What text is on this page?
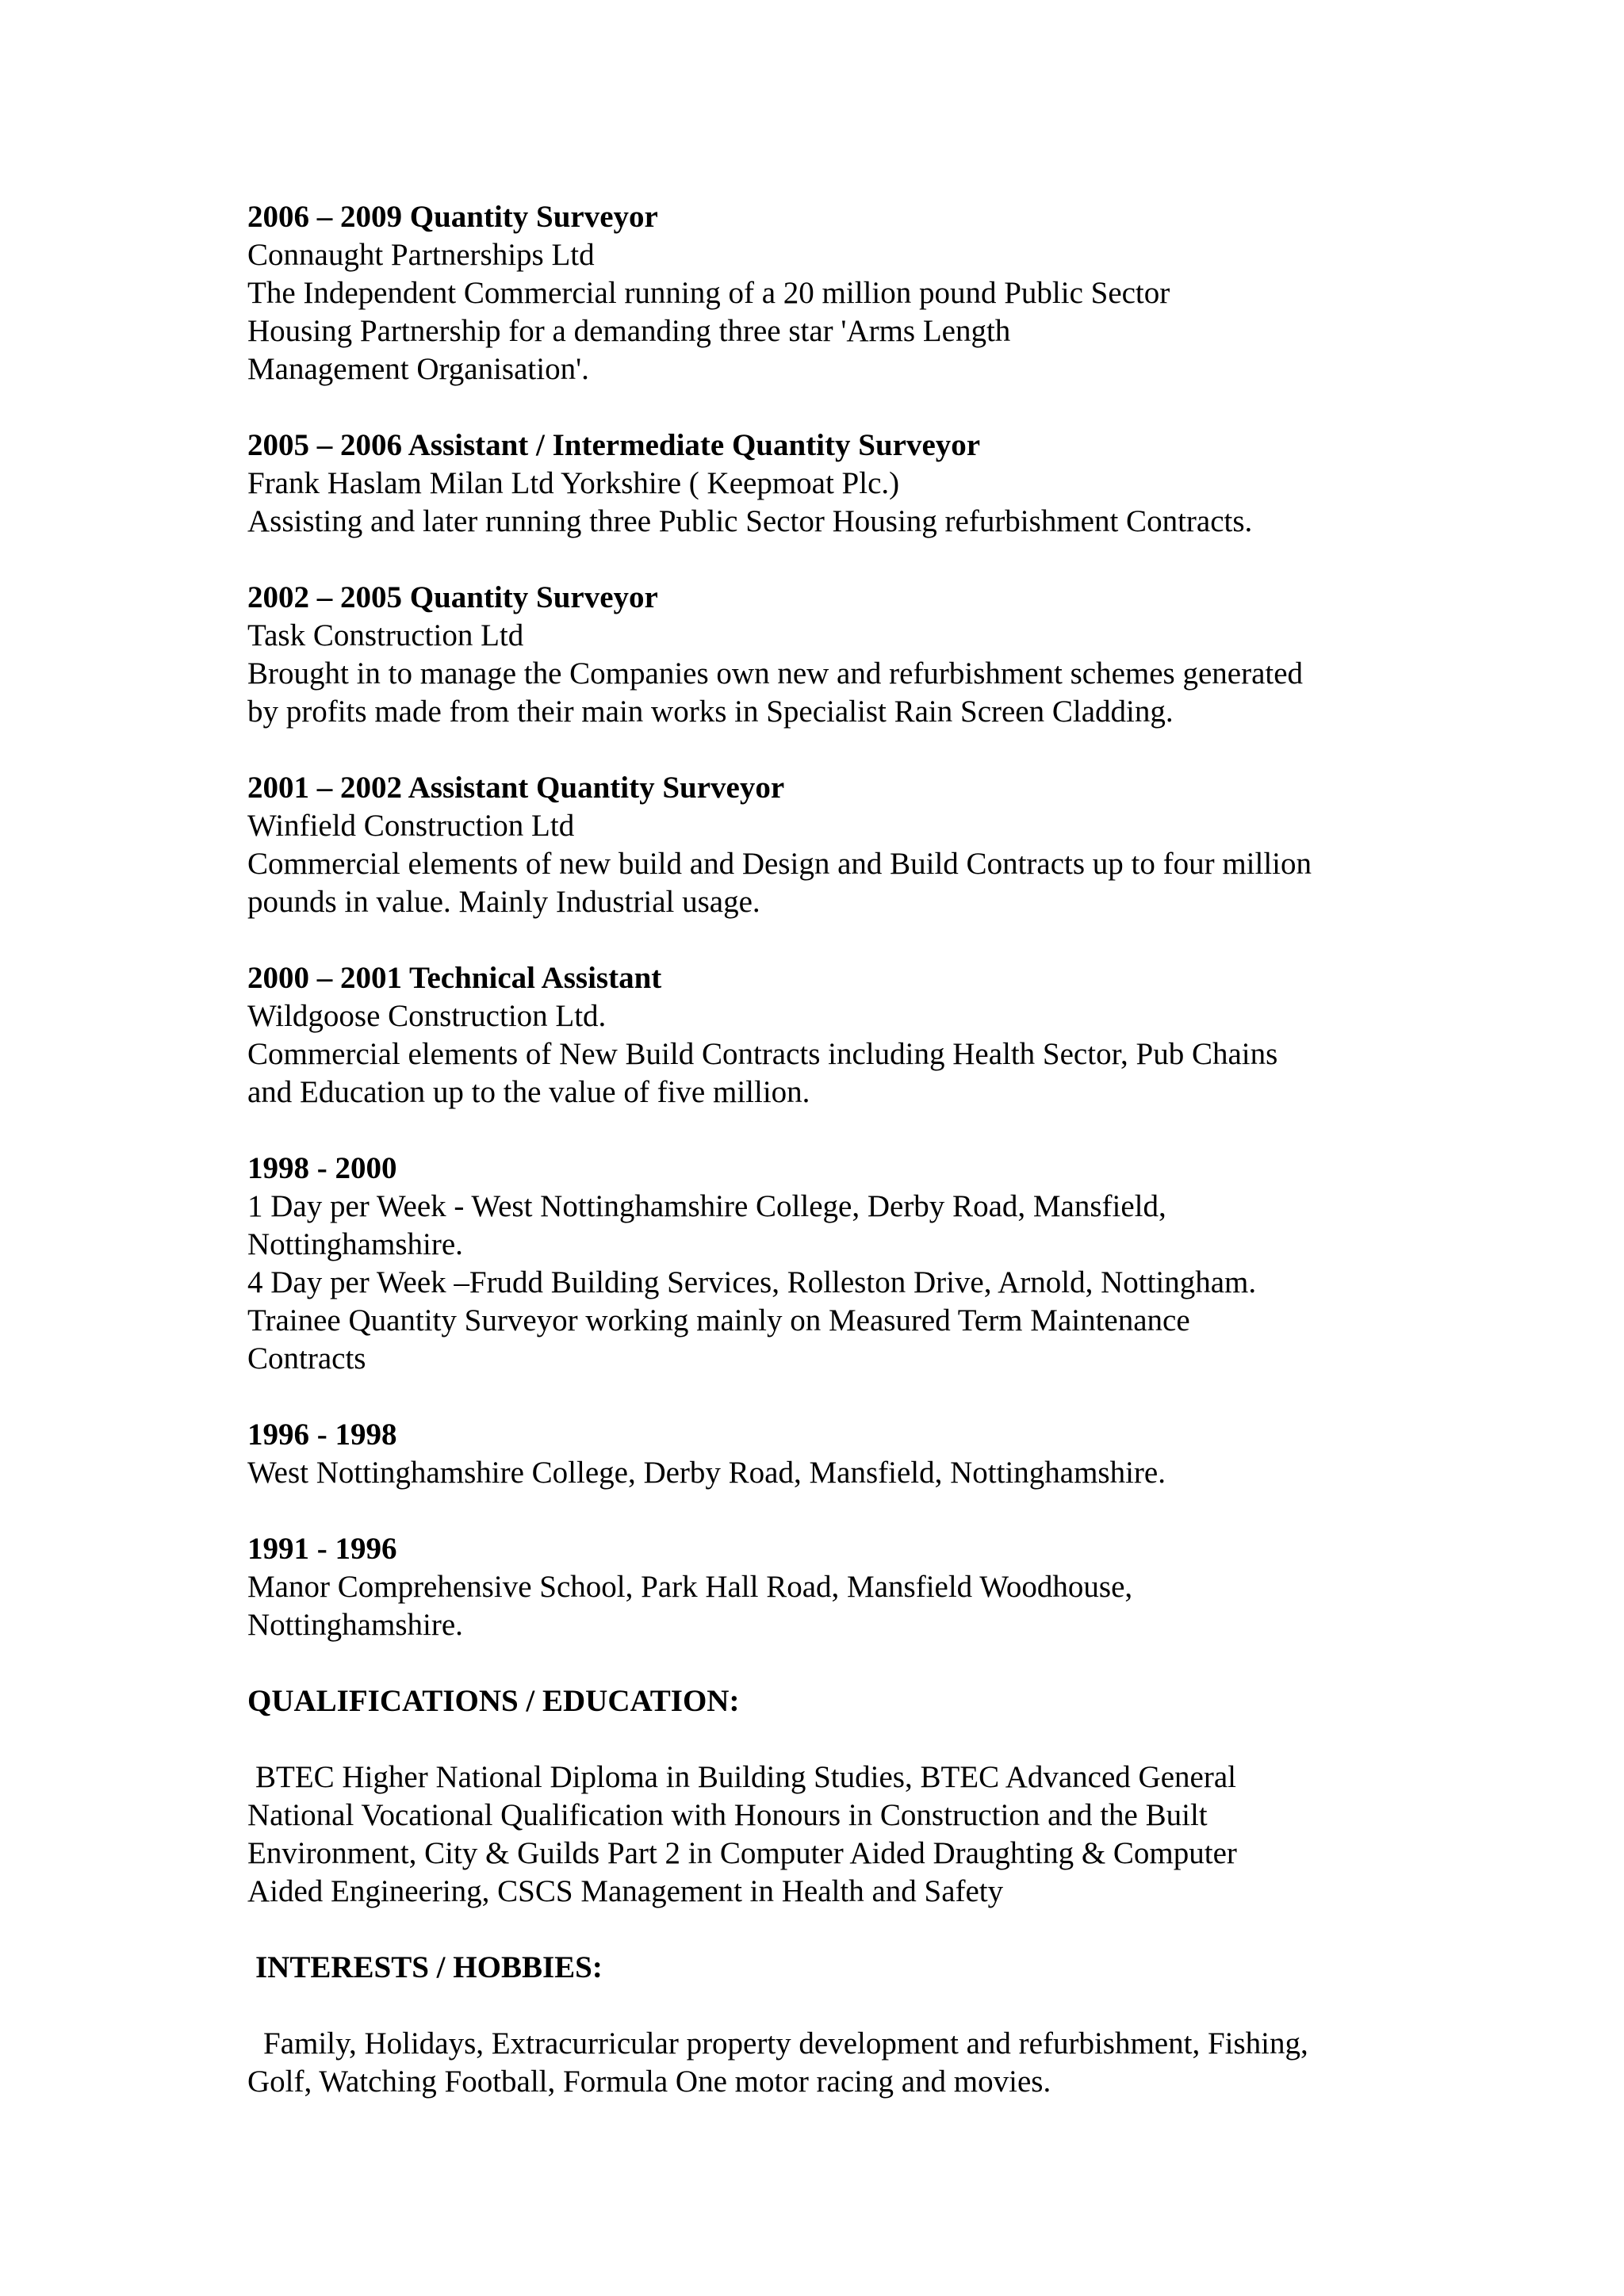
2006 – 2009 Quantity Surveyor
Connaught Partnerships Ltd
The Independent Commercial running of a 20 million pound Public Sector
Housing Partnership for a demanding three star 'Arms Length
Management Organisation'.
2005 – 2006 Assistant / Intermediate Quantity Surveyor
Frank Haslam Milan Ltd Yorkshire ( Keepmoat Plc.)
Assisting and later running three Public Sector Housing refurbishment Contracts.
2002 – 2005 Quantity Surveyor
Task Construction Ltd
Brought in to manage the Companies own new and refurbishment schemes generated
by profits made from their main works in Specialist Rain Screen Cladding.
2001 – 2002 Assistant Quantity Surveyor
Winfield Construction Ltd
Commercial elements of new build and Design and Build Contracts up to four million
pounds in value. Mainly Industrial usage.
2000 – 2001 Technical Assistant
Wildgoose Construction Ltd.
Commercial elements of New Build Contracts including Health Sector, Pub Chains
and Education up to the value of five million.
1998 - 2000
1 Day per Week - West Nottinghamshire College, Derby Road, Mansfield,
Nottinghamshire.
4 Day per Week –Frudd Building Services, Rolleston Drive, Arnold, Nottingham.
Trainee Quantity Surveyor working mainly on Measured Term Maintenance
Contracts
1996 - 1998
West Nottinghamshire College, Derby Road, Mansfield, Nottinghamshire.
1991 - 1996
Manor Comprehensive School, Park Hall Road, Mansfield Woodhouse,
Nottinghamshire.
QUALIFICATIONS / EDUCATION:
BTEC Higher National Diploma in Building Studies, BTEC Advanced General
National Vocational Qualification with Honours in Construction and the Built
Environment, City & Guilds Part 2 in Computer Aided Draughting & Computer
Aided Engineering, CSCS Management in Health and Safety
INTERESTS / HOBBIES:
Family, Holidays, Extracurricular property development and refurbishment, Fishing,
Golf, Watching Football, Formula One motor racing and movies.
